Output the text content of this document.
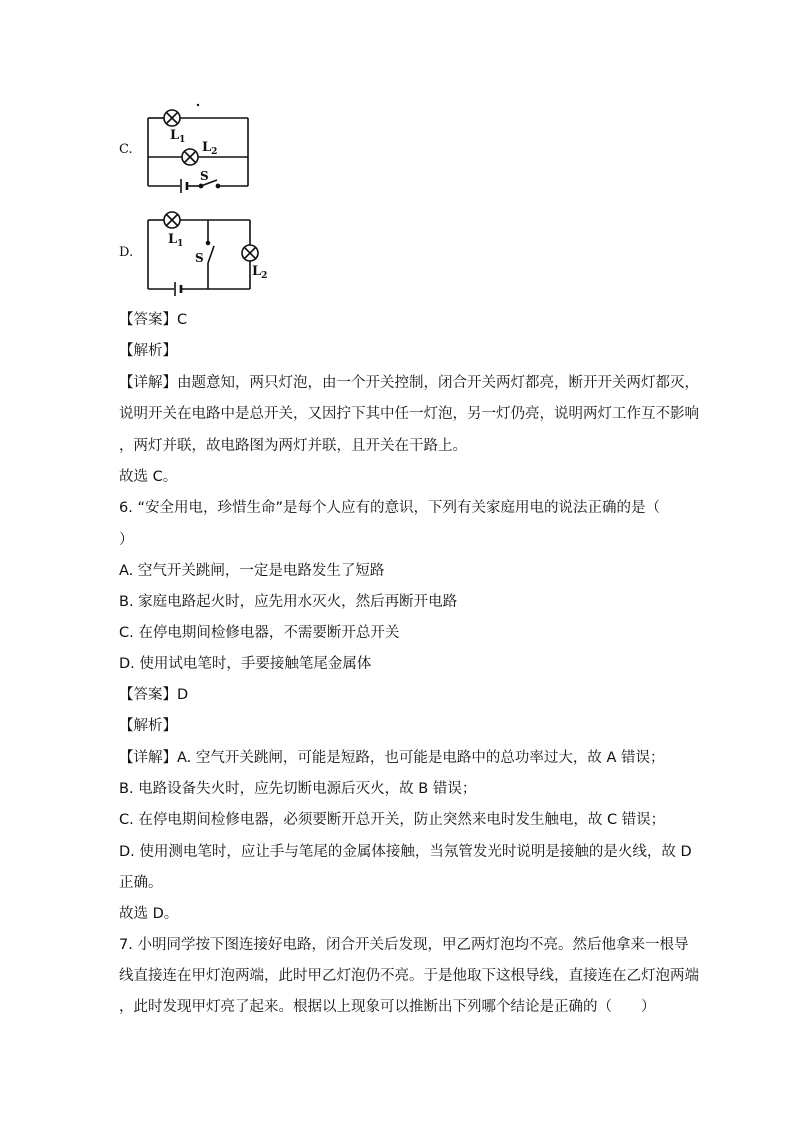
C.
$L_1$ $L_2$
S
D.
$L_1$
$L_2$
S
【答案】C
【解析】
【详解】由题意知，两只灯泡，由一个开关控制，闭合开关两灯都亮，断开开关两灯都灭，
说明开关在电路中是总开关，又因拧下其中任一灯泡，另一灯仍亮，说明两灯工作互不影响
，两灯并联，故电路图为两灯并联，且开关在干路上。
故选 C。
6. “安全用电，珍惜生命”是每个人应有的意识，下列有关家庭用电的说法正确的是（
）
A. 空气开关跳闸，一定是电路发生了短路
B. 家庭电路起火时，应先用水灭火，然后再断开电路
C. 在停电期间检修电器，不需要断开总开关
D. 使用试电笔时，手要接触笔尾金属体
【答案】D
【解析】
【详解】A. 空气开关跳闸，可能是短路，也可能是电路中的总功率过大，故 A 错误；
B. 电路设备失火时，应先切断电源后灭火，故 B 错误；
C. 在停电期间检修电器，必须要断开总开关，防止突然来电时发生触电，故 C 错误；
D. 使用测电笔时，应让手与笔尾的金属体接触，当氖管发光时说明是接触的是火线，故 D
正确。
故选 D。
7. 小明同学按下图连接好电路，闭合开关后发现，甲乙两灯泡均不亮。然后他拿来一根导
线直接连在甲灯泡两端，此时甲乙灯泡仍不亮。于是他取下这根导线，直接连在乙灯泡两端
，此时发现甲灯亮了起来。根据以上现象可以推断出下列哪个结论是正确的（　　）
